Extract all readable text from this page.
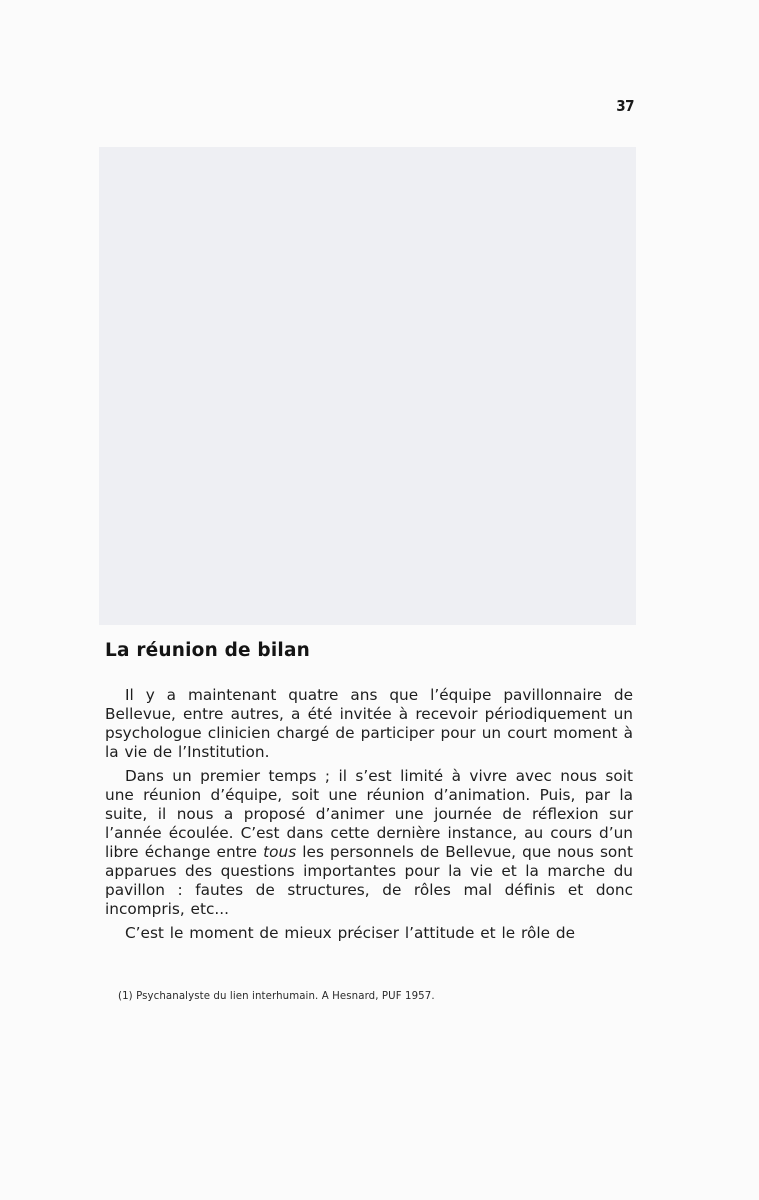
37
La réunion de bilan

Il y a maintenant quatre ans que l’équipe pavillonnaire de Bellevue, entre autres, a été invitée à recevoir périodiquement un psychologue clinicien chargé de participer pour un court moment à la vie de l’Institution.

Dans un premier temps ; il s’est limité à vivre avec nous soit une réunion d’équipe, soit une réunion d’animation. Puis, par la suite, il nous a proposé d’animer une journée de réflexion sur l’année écoulée. C’est dans cette dernière instance, au cours d’un libre échange entre tous les personnels de Bellevue, que nous sont apparues des questions importantes pour la vie et la marche du pavillon : fautes de structures, de rôles mal définis et donc incompris, etc...

C’est le moment de mieux préciser l’attitude et le rôle de

(1) Psychanalyste du lien interhumain. A Hesnard, PUF 1957.
